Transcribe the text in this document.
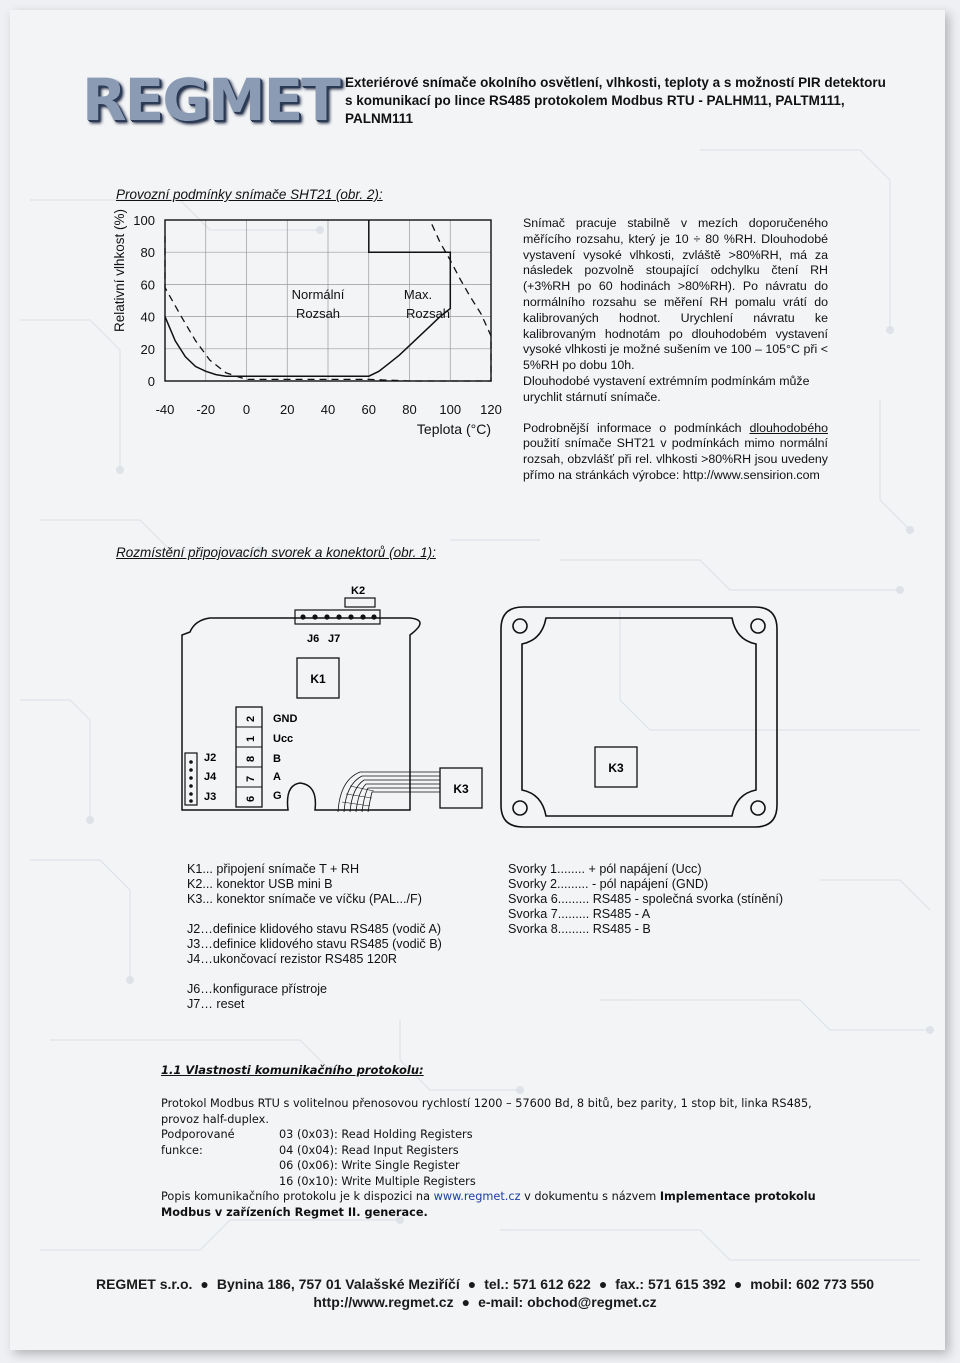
REGMET Exteriérové snímače okolního osvětlení, vlhkosti, teploty a s možností PIR detektoru
s komunikací po lince RS485 protokolem Modbus RTU - PALHM11, PALTM111, PALNM111
Provozní podmínky snímače SHT21 (obr. 2):
0
20
40
60
80
100
-40 -20 0 20 40 60 80 100 120
Relativní vlhkost (%)
Teplota (°C)
Normální
Rozsah
Max.
Rozsah
Snímač pracuje stabilně v mezích doporučeného měřícího rozsahu, který je 10 ÷ 80 %RH. Dlouhodobé vystavení vysoké vlhkosti, zvláště >80%RH, má za následek pozvolně stoupající odchylku čtení RH (+3%RH po 60 hodinách >80%RH). Po návratu do normálního rozsahu se měření RH pomalu vrátí do kalibrovaných hodnot. Urychlení návratu ke kalibrovaným hodnotám po dlouhodobém vystavení vysoké vlhkosti je možné sušením ve 100 – 105°C při < 5%RH po dobu 10h.
Dlouhodobé vystavení extrémním podmínkám může urychlit stárnutí snímače.
Podrobnější informace o podmínkách dlouhodobého použití snímače SHT21 v podmínkách mimo normální rozsah, obzvlášť při rel. vlhkosti >80%RH jsou uvedeny přímo na stránkách výrobce: http://www.sensirion.com
Rozmístění připojovacích svorek a konektorů (obr. 1):
K2
J6 J7
K1
J2
J4
J3
2
1
8
7
6
GND
Ucc
B
A
G	K3
K3
K1... připojení snímače T + RH
K2... konektor USB mini B
K3... konektor snímače ve víčku (PAL.../F)
J2…definice klidového stavu RS485 (vodič A)
J3…definice klidového stavu RS485 (vodič B)
J4…ukončovací rezistor RS485 120R
J6…konfigurace přístroje
J7… reset
Svorky 1........ + pól napájení (Ucc)
Svorky 2......... - pól napájení (GND)
Svorka 6......... RS485 - společná svorka (stínění)
Svorka 7......... RS485 - A
Svorka 8......... RS485 - B
1.1 Vlastnosti komunikačního protokolu:
Protokol Modbus RTU s volitelnou přenosovou rychlostí 1200 – 57600 Bd, 8 bitů, bez parity, 1 stop bit, linka RS485, provoz half-duplex.
Podporované funkce:
03 (0x03): Read Holding Registers
04 (0x04): Read Input Registers
06 (0x06): Write Single Register
16 (0x10): Write Multiple Registers
Popis komunikačního protokolu je k dispozici na www.regmet.cz v dokumentu s názvem Implementace protokolu Modbus v zařízeních Regmet II. generace.
REGMET s.r.o. ● Bynina 186, 757 01 Valašské Meziříčí ● tel.: 571 612 622 ● fax.: 571 615 392 ● mobil: 602 773 550
http://www.regmet.cz ● e-mail: obchod@regmet.cz
